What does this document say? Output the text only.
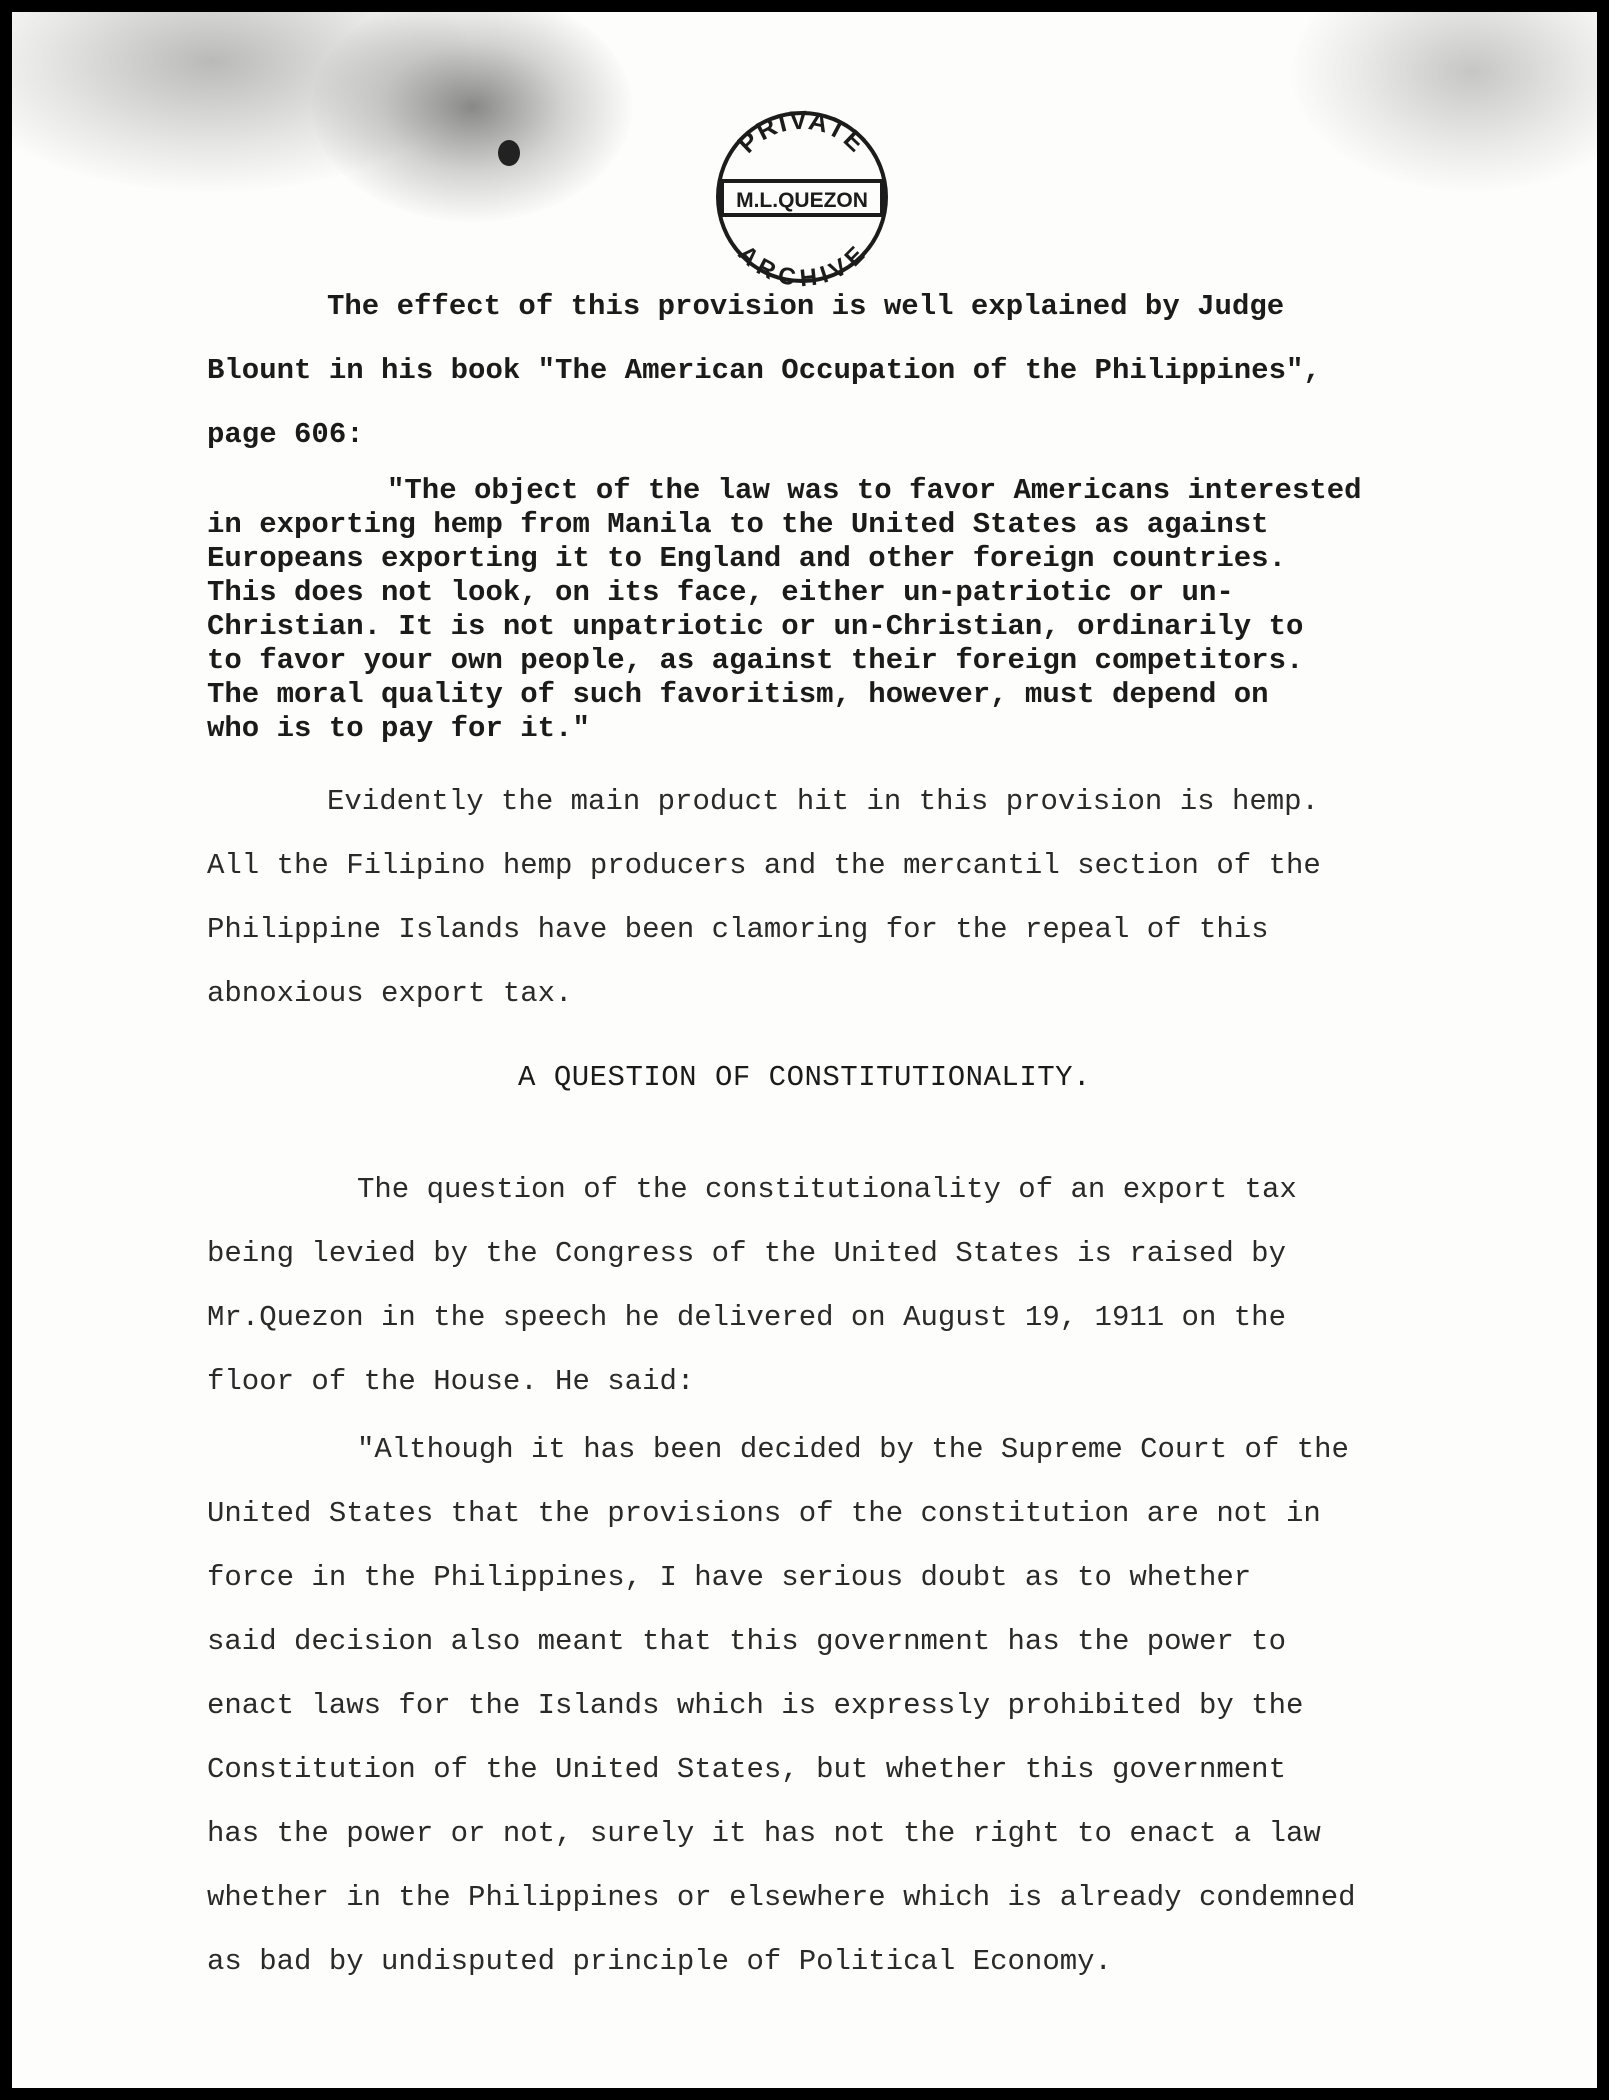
PRIVATE
M.L.QUEZON
ARCHIVE

The effect of this provision is well explained by Judge
Blount in his book "The American Occupation of the Philippines",
page 606:

"The object of the law was to favor Americans interested
in exporting hemp from Manila to the United States as against
Europeans exporting it to England and other foreign countries.
This does not look, on its face, either un-patriotic or un-
Christian. It is not unpatriotic or un-Christian, ordinarily to
to favor your own people, as against their foreign competitors.
The moral quality of such favoritism, however, must depend on
who is to pay for it."

Evidently the main product hit in this provision is hemp.
All the Filipino hemp producers and the mercantil section of the
Philippine Islands have been clamoring for the repeal of this
abnoxious export tax.

A QUESTION OF CONSTITUTIONALITY.

The question of the constitutionality of an export tax
being levied by the Congress of the United States is raised by
Mr.Quezon in the speech he delivered on August 19, 1911 on the
floor of the House. He said:

"Although it has been decided by the Supreme Court of the
United States that the provisions of the constitution are not in
force in the Philippines, I have serious doubt as to whether
said decision also meant that this government has the power to
enact laws for the Islands which is expressly prohibited by the
Constitution of the United States, but whether this government
has the power or not, surely it has not the right to enact a law
whether in the Philippines or elsewhere which is already condemned
as bad by undisputed principle of Political Economy.
